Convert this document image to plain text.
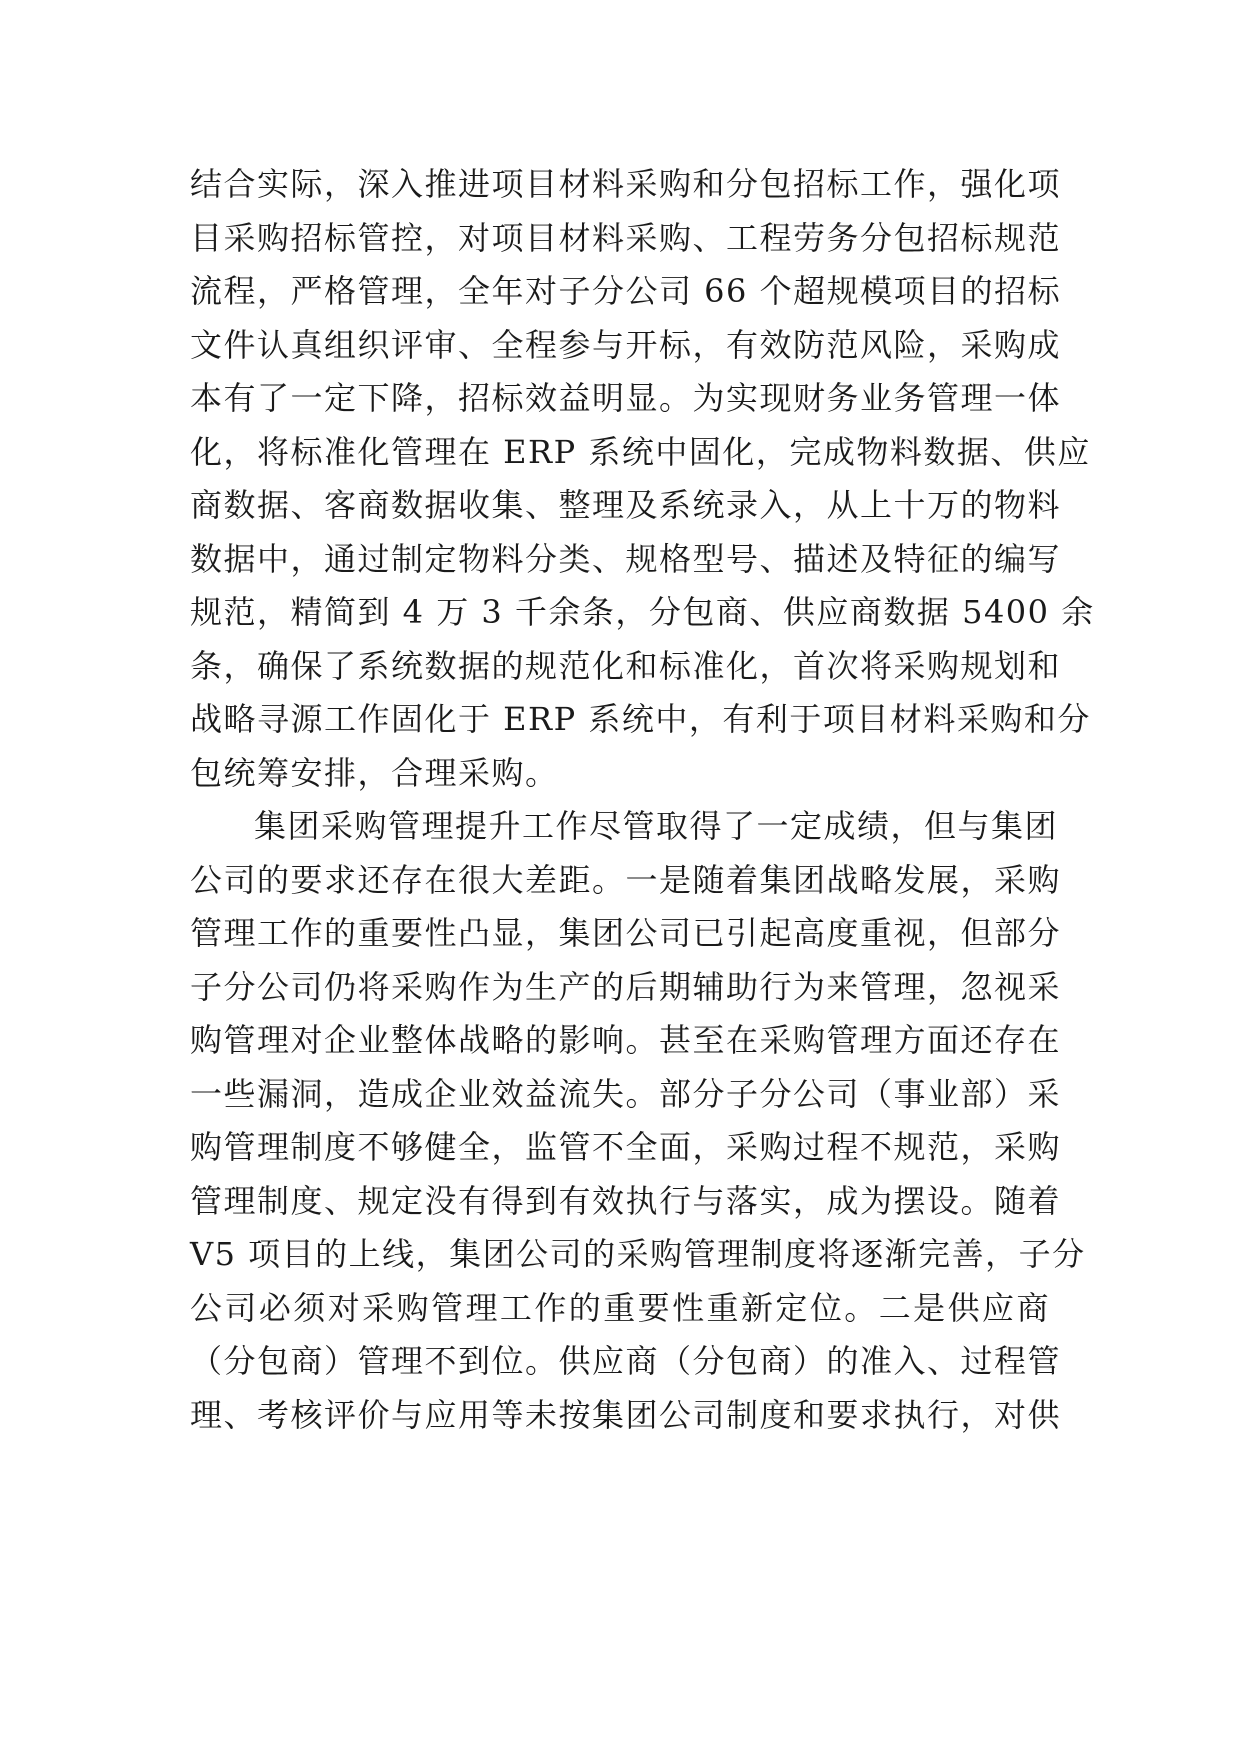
结合实际，深入推进项目材料采购和分包招标工作，强化项
目采购招标管控，对项目材料采购、工程劳务分包招标规范
流程，严格管理，全年对子分公司 66 个超规模项目的招标
文件认真组织评审、全程参与开标，有效防范风险，采购成
本有了一定下降，招标效益明显。为实现财务业务管理一体
化，将标准化管理在 ERP 系统中固化，完成物料数据、供应
商数据、客商数据收集、整理及系统录入，从上十万的物料
数据中，通过制定物料分类、规格型号、描述及特征的编写
规范，精简到 4 万 3 千余条，分包商、供应商数据 5400 余
条，确保了系统数据的规范化和标准化，首次将采购规划和
战略寻源工作固化于 ERP 系统中，有利于项目材料采购和分
包统筹安排，合理采购。
集团采购管理提升工作尽管取得了一定成绩，但与集团
公司的要求还存在很大差距。一是随着集团战略发展，采购
管理工作的重要性凸显，集团公司已引起高度重视，但部分
子分公司仍将采购作为生产的后期辅助行为来管理，忽视采
购管理对企业整体战略的影响。甚至在采购管理方面还存在
一些漏洞，造成企业效益流失。部分子分公司（事业部）采
购管理制度不够健全，监管不全面，采购过程不规范，采购
管理制度、规定没有得到有效执行与落实，成为摆设。随着
V5 项目的上线，集团公司的采购管理制度将逐渐完善，子分
公司必须对采购管理工作的重要性重新定位。二是供应商
（分包商）管理不到位。供应商（分包商）的准入、过程管
理、考核评价与应用等未按集团公司制度和要求执行，对供
